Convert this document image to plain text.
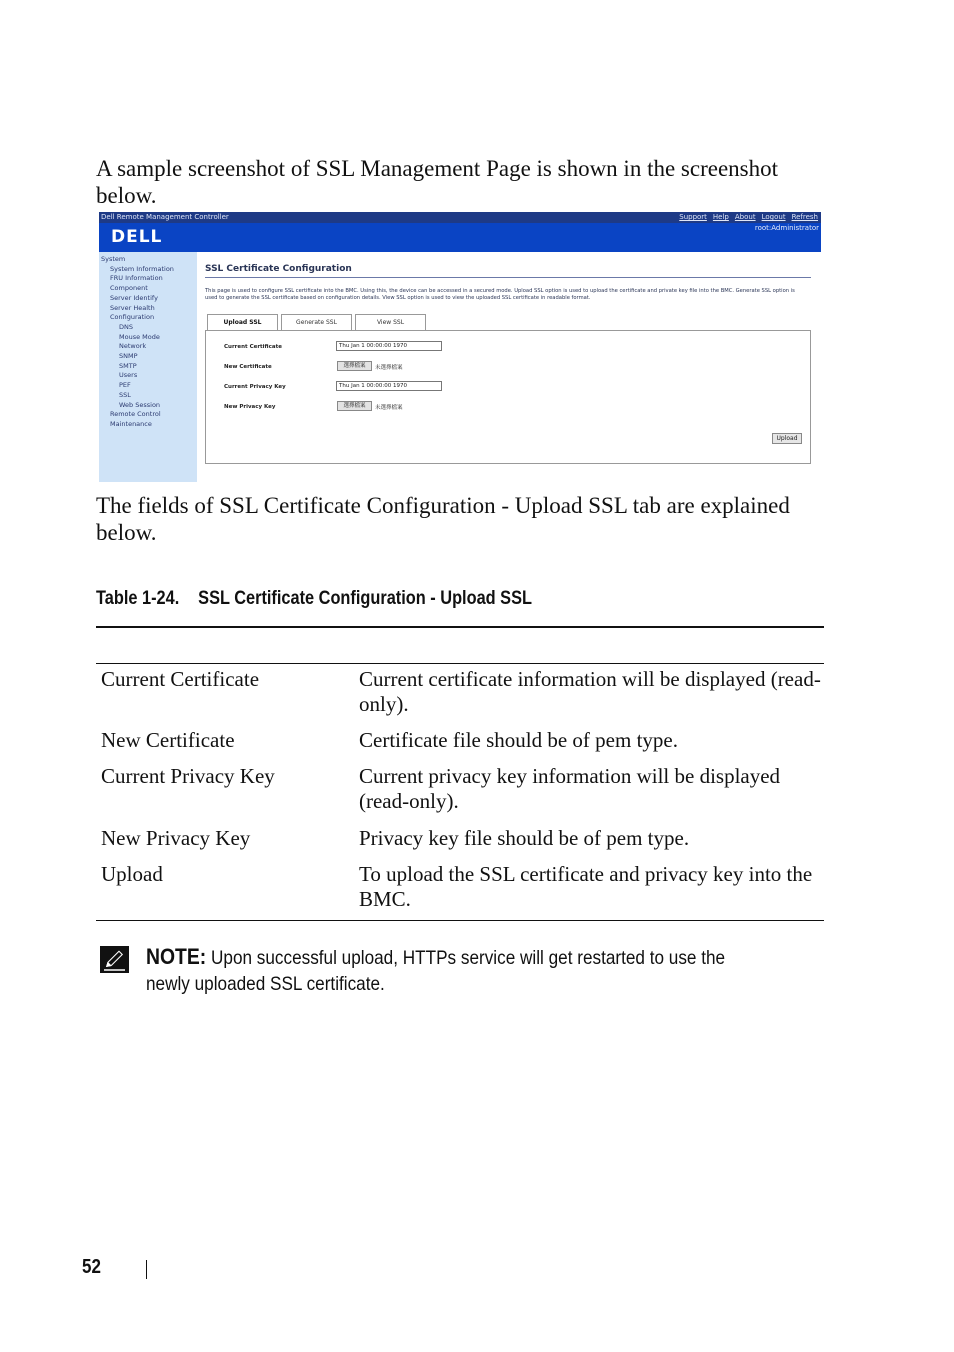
A sample screenshot of SSL Management Page is shown in the screenshot below.
Dell Remote Management Controller	Support Help About Logout Refresh
DELL	root:Administrator
System
System Information
FRU Information
Component
Server Identify
Server Health
Configuration
DNS
Mouse Mode
Network
SNMP
SMTP
Users
PEF
SSL
Web Session
Remote Control
Maintenance
SSL Certificate Configuration
This page is used to configure SSL certificate into the BMC. Using this, the device can be accessed in a secured mode. Upload SSL option is used to upload the certificate and private key file into the BMC. Generate SSL option is used to generate the SSL certificate based on configuration details. View SSL option is used to view the uploaded SSL certificate in readable format.
Upload SSL	Generate SSL	View SSL
Current Certificate	Thu Jan 1 00:00:00 1970
New Certificate	選擇檔案	未選擇檔案
Current Privacy Key	Thu Jan 1 00:00:00 1970
New Privacy Key	選擇檔案	未選擇檔案
Upload
The fields of SSL Certificate Configuration - Upload SSL tab are explained below.
Table 1-24. SSL Certificate Configuration - Upload SSL
Current Certificate	Current certificate information will be displayed (read-only).
New Certificate	Certificate file should be of pem type.
Current Privacy Key	Current privacy key information will be displayed (read-only).
New Privacy Key	Privacy key file should be of pem type.
Upload	To upload the SSL certificate and privacy key into the BMC.
NOTE: Upon successful upload, HTTPs service will get restarted to use the newly uploaded SSL certificate.
52
